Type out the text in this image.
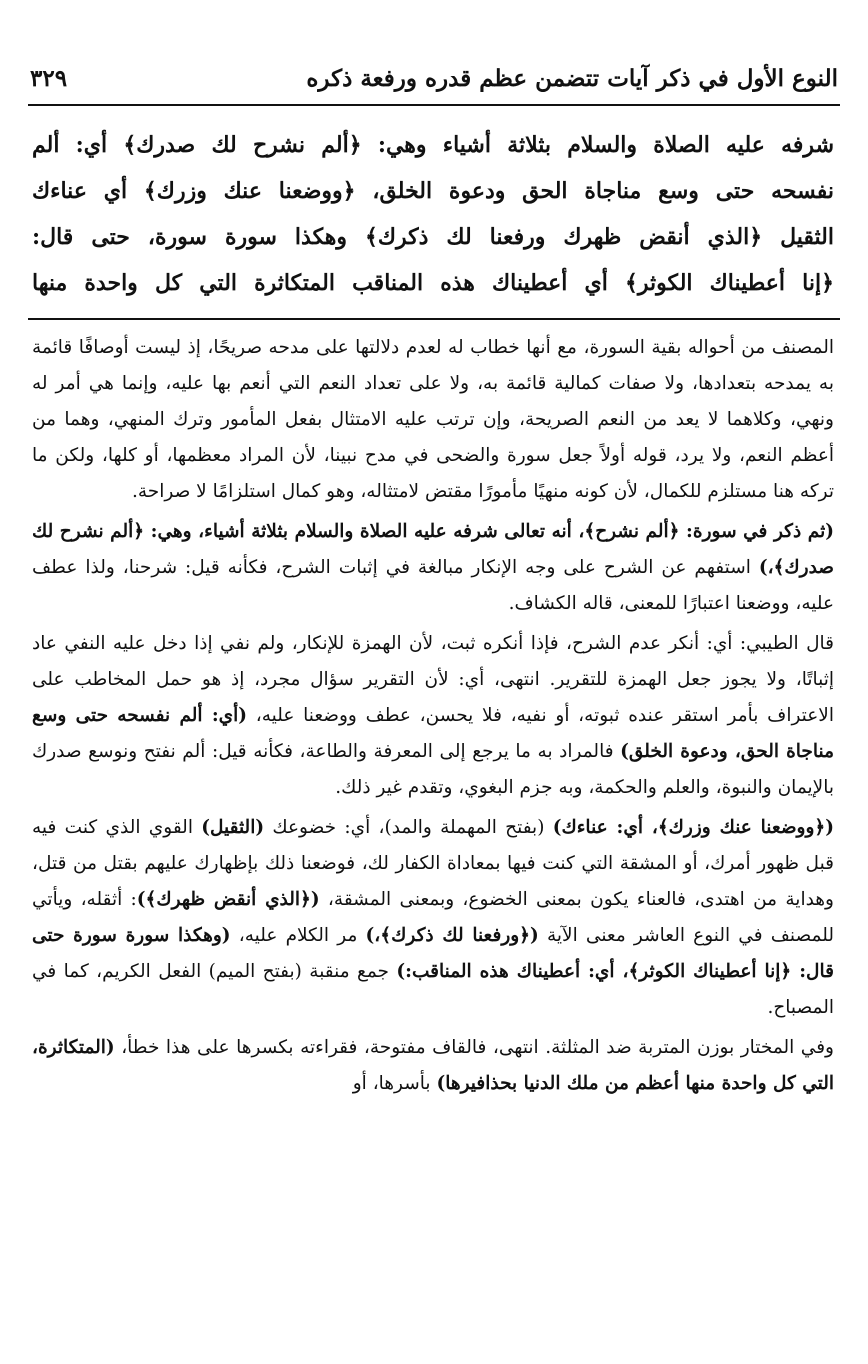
النوع الأول في ذكر آيات تتضمن عظم قدره ورفعة ذكره
٣٢٩
شرفه عليه الصلاة والسلام بثلاثة أشياء وهي: ﴿ألم نشرح لك صدرك﴾ أي: ألم
نفسحه حتى وسع مناجاة الحق ودعوة الخلق، ﴿ووضعنا عنك وزرك﴾ أي عناءك
الثقيل ﴿الذي أنقض ظهرك ورفعنا لك ذكرك﴾ وهكذا سورة سورة، حتى قال:
﴿إنا أعطيناك الكوثر﴾ أي أعطيناك هذه المناقب المتكاثرة التي كل واحدة منها

المصنف من أحواله بقية السورة، مع أنها خطاب له لعدم دلالتها على مدحه صريحًا، إذ ليست أوصافًا قائمة به يمدحه بتعدادها، ولا صفات كمالية قائمة به، ولا على تعداد النعم التي أنعم بها عليه، وإنما هي أمر له ونهي، وكلاهما لا يعد من النعم الصريحة، وإن ترتب عليه الامتثال بفعل المأمور وترك المنهي، وهما من أعظم النعم، ولا يرد، قوله أولاً جعل سورة والضحى في مدح نبينا، لأن المراد معظمها، أو كلها، ولكن ما تركه هنا مستلزم للكمال، لأن كونه منهيًا مأمورًا مقتض لامتثاله، وهو كمال استلزامًا لا صراحة.

(ثم ذكر في سورة: ﴿ألم نشرح﴾، أنه تعالى شرفه عليه الصلاة والسلام بثلاثة أشياء، وهي: ﴿ألم نشرح لك صدرك﴾،) استفهم عن الشرح على وجه الإنكار مبالغة في إثبات الشرح، فكأنه قيل: شرحنا، ولذا عطف عليه، ووضعنا اعتبارًا للمعنى، قاله الكشاف.

قال الطيبي: أي: أنكر عدم الشرح، فإذا أنكره ثبت، لأن الهمزة للإنكار، ولم نفي إذا دخل عليه النفي عاد إثباتًا، ولا يجوز جعل الهمزة للتقرير. انتهى، أي: لأن التقرير سؤال مجرد، إذ هو حمل المخاطب على الاعتراف بأمر استقر عنده ثبوته، أو نفيه، فلا يحسن، عطف ووضعنا عليه، (أي: ألم نفسحه حتى وسع مناجاة الحق، ودعوة الخلق) فالمراد به ما يرجع إلى المعرفة والطاعة، فكأنه قيل: ألم نفتح ونوسع صدرك بالإيمان والنبوة، والعلم والحكمة، وبه جزم البغوي، وتقدم غير ذلك.

(﴿ووضعنا عنك وزرك﴾، أي: عناءك) (بفتح المهملة والمد)، أي: خضوعك (الثقيل) القوي الذي كنت فيه قبل ظهور أمرك، أو المشقة التي كنت فيها بمعاداة الكفار لك، فوضعنا ذلك بإظهارك عليهم بقتل من قتل، وهداية من اهتدى، فالعناء يكون بمعنى الخضوع، وبمعنى المشقة، (﴿الذي أنقض ظهرك﴾): أثقله، ويأتي للمصنف في النوع العاشر معنى الآية (﴿ورفعنا لك ذكرك﴾،) مر الكلام عليه، (وهكذا سورة سورة حتى قال: ﴿إنا أعطيناك الكوثر﴾، أي: أعطيناك هذه المناقب:) جمع منقبة (بفتح الميم) الفعل الكريم، كما في المصباح.

وفي المختار بوزن المتربة ضد المثلثة. انتهى، فالقاف مفتوحة، فقراءته بكسرها على هذا خطأ، (المتكاثرة، التي كل واحدة منها أعظم من ملك الدنيا بحذافيرها) بأسرها، أو
